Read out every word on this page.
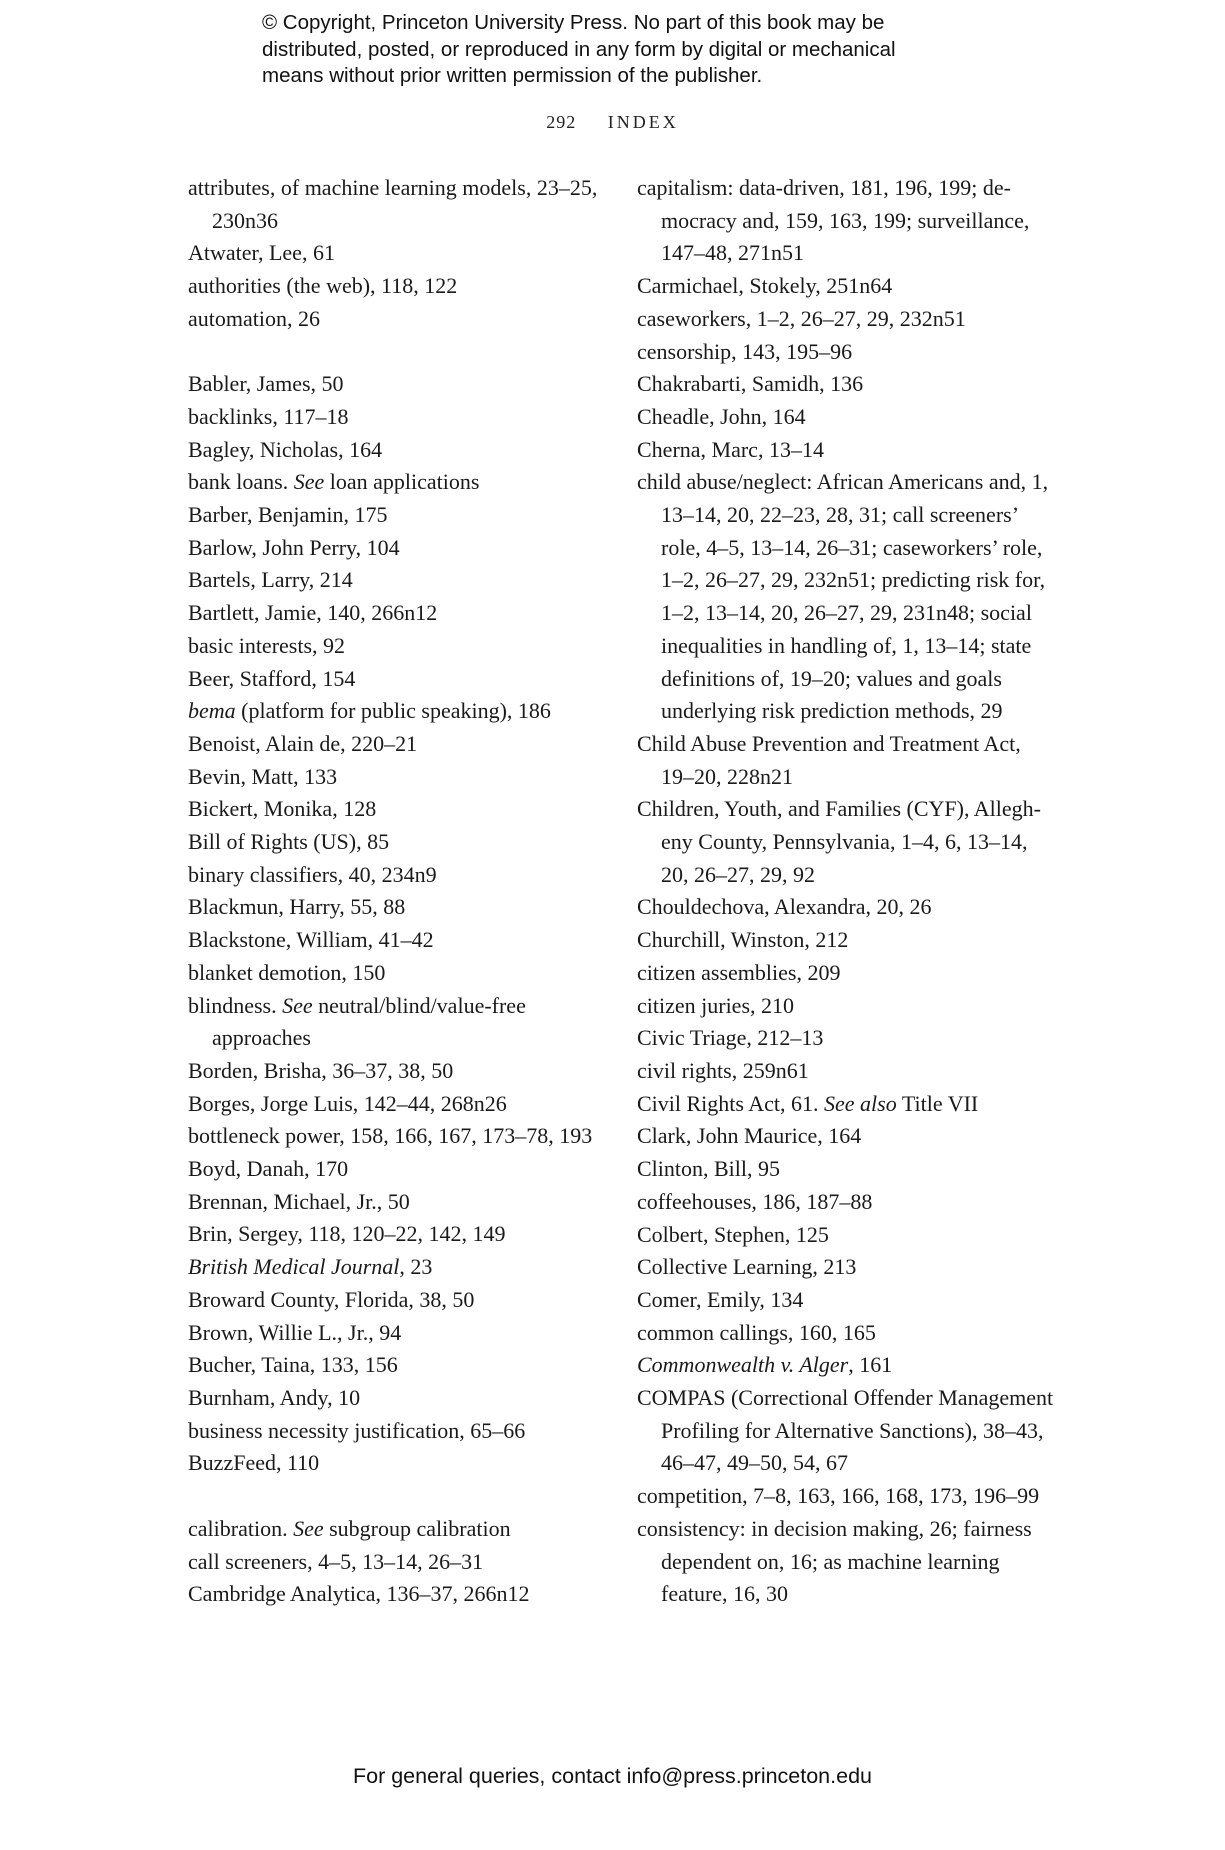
© Copyright, Princeton University Press. No part of this book may be
distributed, posted, or reproduced in any form by digital or mechanical
means without prior written permission of the publisher.
292 INDEX
attributes, of machine learning models, 23–25, 230n36
Atwater, Lee, 61
authorities (the web), 118, 122
automation, 26
Babler, James, 50
backlinks, 117–18
Bagley, Nicholas, 164
bank loans. See loan applications
Barber, Benjamin, 175
Barlow, John Perry, 104
Bartels, Larry, 214
Bartlett, Jamie, 140, 266n12
basic interests, 92
Beer, Stafford, 154
bema (platform for public speaking), 186
Benoist, Alain de, 220–21
Bevin, Matt, 133
Bickert, Monika, 128
Bill of Rights (US), 85
binary classifiers, 40, 234n9
Blackmun, Harry, 55, 88
Blackstone, William, 41–42
blanket demotion, 150
blindness. See neutral/blind/value-free approaches
Borden, Brisha, 36–37, 38, 50
Borges, Jorge Luis, 142–44, 268n26
bottleneck power, 158, 166, 167, 173–78, 193
Boyd, Danah, 170
Brennan, Michael, Jr., 50
Brin, Sergey, 118, 120–22, 142, 149
British Medical Journal, 23
Broward County, Florida, 38, 50
Brown, Willie L., Jr., 94
Bucher, Taina, 133, 156
Burnham, Andy, 10
business necessity justification, 65–66
BuzzFeed, 110
calibration. See subgroup calibration
call screeners, 4–5, 13–14, 26–31
Cambridge Analytica, 136–37, 266n12
capitalism: data-driven, 181, 196, 199; democracy and, 159, 163, 199; surveillance, 147–48, 271n51
Carmichael, Stokely, 251n64
caseworkers, 1–2, 26–27, 29, 232n51
censorship, 143, 195–96
Chakrabarti, Samidh, 136
Cheadle, John, 164
Cherna, Marc, 13–14
child abuse/neglect: African Americans and, 1, 13–14, 20, 22–23, 28, 31; call screeners’ role, 4–5, 13–14, 26–31; caseworkers’ role, 1–2, 26–27, 29, 232n51; predicting risk for, 1–2, 13–14, 20, 26–27, 29, 231n48; social inequalities in handling of, 1, 13–14; state definitions of, 19–20; values and goals underlying risk prediction methods, 29
Child Abuse Prevention and Treatment Act, 19–20, 228n21
Children, Youth, and Families (CYF), Allegheny County, Pennsylvania, 1–4, 6, 13–14, 20, 26–27, 29, 92
Chouldechova, Alexandra, 20, 26
Churchill, Winston, 212
citizen assemblies, 209
citizen juries, 210
Civic Triage, 212–13
civil rights, 259n61
Civil Rights Act, 61. See also Title VII
Clark, John Maurice, 164
Clinton, Bill, 95
coffeehouses, 186, 187–88
Colbert, Stephen, 125
Collective Learning, 213
Comer, Emily, 134
common callings, 160, 165
Commonwealth v. Alger, 161
COMPAS (Correctional Offender Management Profiling for Alternative Sanctions), 38–43, 46–47, 49–50, 54, 67
competition, 7–8, 163, 166, 168, 173, 196–99
consistency: in decision making, 26; fairness dependent on, 16; as machine learning feature, 16, 30
For general queries, contact info@press.princeton.edu
